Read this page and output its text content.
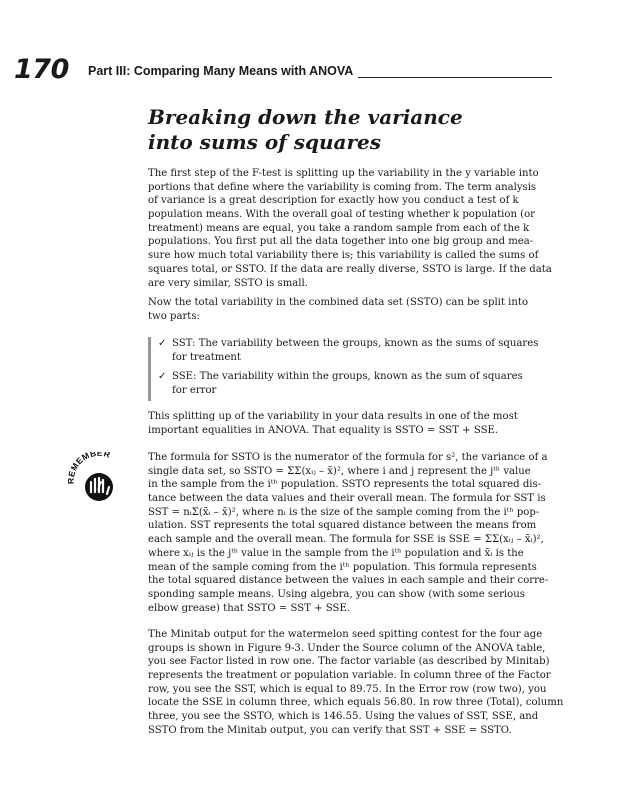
170 Part III: Comparing Many Means with ANOVA
Breaking down the variance
into sums of squares
The first step of the F-test is splitting up the variability in the y variable into
portions that define where the variability is coming from. The term analysis
of variance is a great description for exactly how you conduct a test of k
population means. With the overall goal of testing whether k population (or
treatment) means are equal, you take a random sample from each of the k
populations. You first put all the data together into one big group and mea-
sure how much total variability there is; this variability is called the sums of
squares total, or SSTO. If the data are really diverse, SSTO is large. If the data
are very similar, SSTO is small.
Now the total variability in the combined data set (SSTO) can be split into
two parts:
✓ SST: The variability between the groups, known as the sums of squares
for treatment
✓ SSE: The variability within the groups, known as the sum of squares
for error
This splitting up of the variability in your data results in one of the most
important equalities in ANOVA. That equality is SSTO = SST + SSE.
MEMBER	The formula for SSTO is the numerator of the formula for s², the variance of a
single data set, so SSTO = ΣΣ(xᵢⱼ – x̄)², where i and j represent the jᵗʰ value
in the sample from the iᵗʰ population. SSTO represents the total squared dis-
tance between the data values and their overall mean. The formula for SST is
SST = nᵢΣ(x̄ᵢ – x̄)², where nᵢ is the size of the sample coming from the iᵗʰ pop-
ulation. SST represents the total squared distance between the means from
each sample and the overall mean. The formula for SSE is SSE = ΣΣ(xᵢⱼ – x̄ᵢ)²,
where xᵢⱼ is the jᵗʰ value in the sample from the iᵗʰ population and x̄ᵢ is the
mean of the sample coming from the iᵗʰ population. This formula represents
the total squared distance between the values in each sample and their corre-
sponding sample means. Using algebra, you can show (with some serious
elbow grease) that SSTO = SST + SSE.
The Minitab output for the watermelon seed spitting contest for the four age
groups is shown in Figure 9-3. Under the Source column of the ANOVA table,
you see Factor listed in row one. The factor variable (as described by Minitab)
represents the treatment or population variable. In column three of the Factor
row, you see the SST, which is equal to 89.75. In the Error row (row two), you
locate the SSE in column three, which equals 56.80. In row three (Total), column
three, you see the SSTO, which is 146.55. Using the values of SST, SSE, and
SSTO from the Minitab output, you can verify that SST + SSE = SSTO.
